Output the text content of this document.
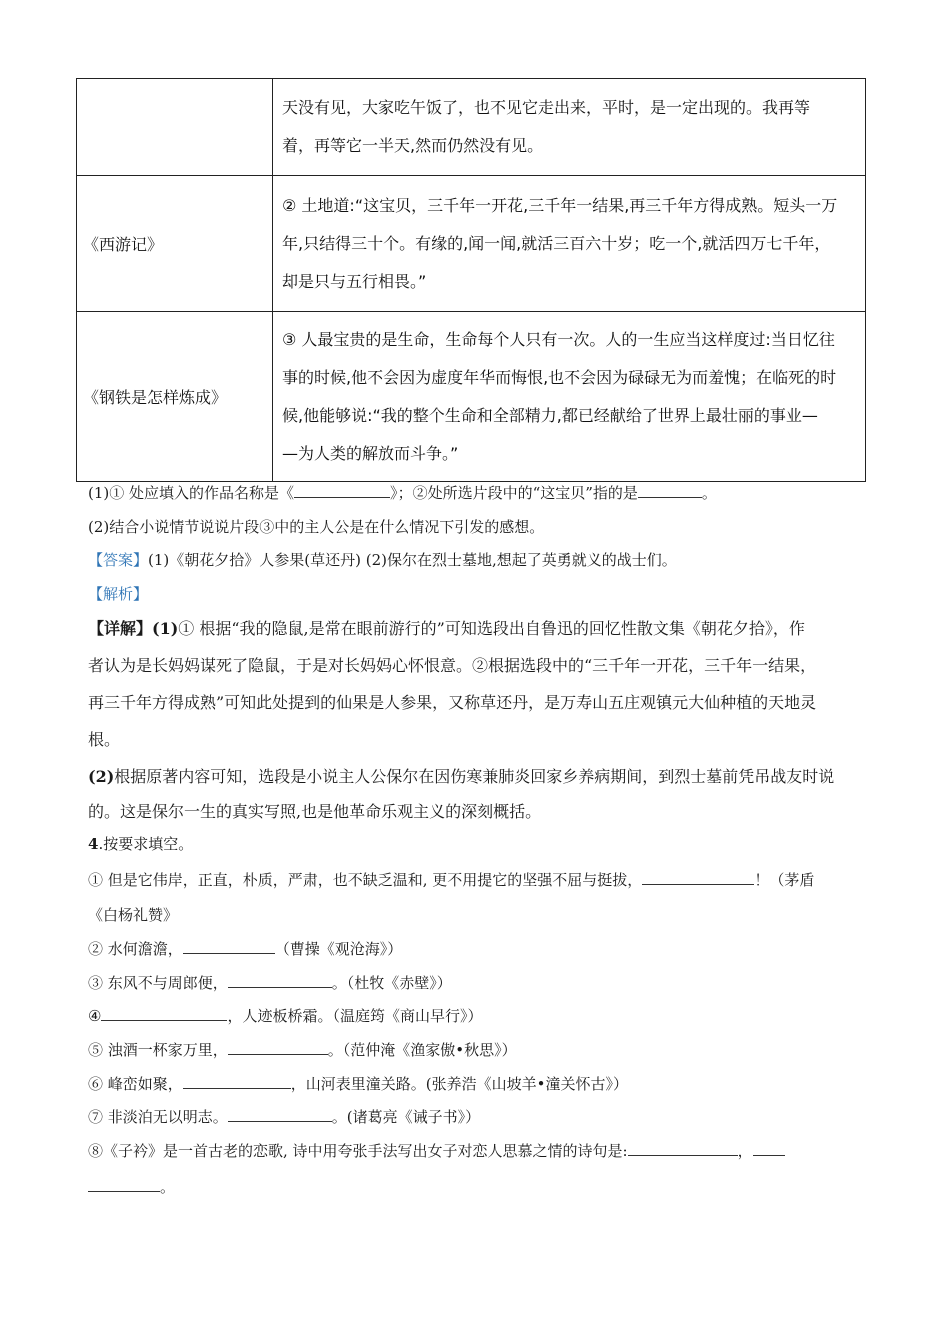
	天没有见，大家吃午饭了，也不见它走出来，平时，是一定出现的。我再等
着，再等它一半天,然而仍然没有见。

《西游记》	② 土地道:“这宝贝，三千年一开花,三千年一结果,再三千年方得成熟。短头一万
年,只结得三十个。有缘的,闻一闻,就活三百六十岁；吃一个,就活四万七千年，
却是只与五行相畏。”

《钢铁是怎样炼成》	③ 人最宝贵的是生命，生命每个人只有一次。人的一生应当这样度过:当日忆往
事的时候,他不会因为虚度年华而悔恨,也不会因为碌碌无为而羞愧；在临死的时
候,他能够说:“我的整个生命和全部精力,都已经献给了世界上最壮丽的事业—
—为人类的解放而斗争。”
(1)① 处应填入的作品名称是《	》；②处所选片段中的“这宝贝”指的是	。
(2)结合小说情节说说片段③中的主人公是在什么情况下引发的感想。
【答案】(1)《朝花夕拾》人参果(草还丹) (2)保尔在烈士墓地,想起了英勇就义的战士们。
【解析】
【详解】(1)① 根据“我的隐鼠,是常在眼前游行的”可知选段出自鲁迅的回忆性散文集《朝花夕拾》，作
者认为是长妈妈谋死了隐鼠，于是对长妈妈心怀恨意。②根据选段中的“三千年一开花，三千年一结果，
再三千年方得成熟”可知此处提到的仙果是人参果，又称草还丹，是万寿山五庄观镇元大仙种植的天地灵
根。
(2)根据原著内容可知，选段是小说主人公保尔在因伤寒兼肺炎回家乡养病期间，到烈士墓前凭吊战友时说
的。这是保尔一生的真实写照,也是他革命乐观主义的深刻概括。
4.按要求填空。
① 但是它伟岸，正直，朴质，严肃，也不缺乏温和, 更不用提它的坚强不屈与挺拔，	！（茅盾
《白杨礼赞》
② 水何澹澹，	（曹操《观沧海》）
③ 东风不与周郎便，	。（杜牧《赤壁》）
④	，人迹板桥霜。（温庭筠《商山早行》）
⑤ 浊酒一杯家万里，	。（范仲淹《渔家傲•秋思》）
⑥ 峰峦如聚，	，山河表里潼关路。(张养浩《山坡羊•潼关怀古》）
⑦ 非淡泊无以明志。	。(诸葛亮《诫子书》）
⑧《子衿》是一首古老的恋歌, 诗中用夸张手法写出女子对恋人思慕之情的诗句是:	，
。
